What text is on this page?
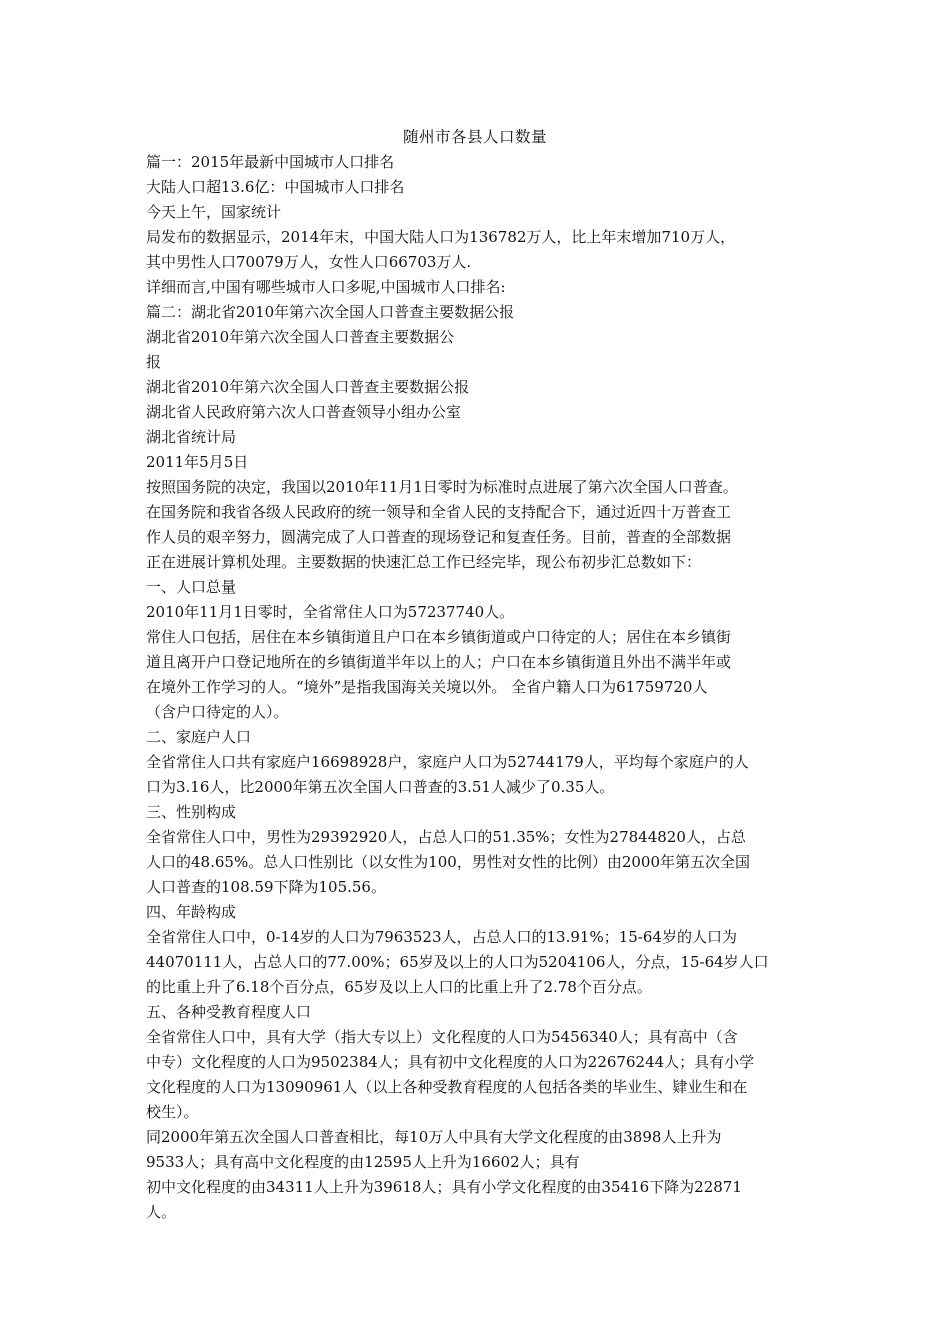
随州市各县人口数量
篇一：2015年最新中国城市人口排名
大陆人口超13.6亿：中国城市人口排名
今天上午，国家统计
局发布的数据显示，2014年末，中国大陆人口为136782万人，比上年末增加710万人，
其中男性人口70079万人，女性人口66703万人.
详细而言,中国有哪些城市人口多呢,中国城市人口排名:
篇二：湖北省2010年第六次全国人口普查主要数据公报
湖北省2010年第六次全国人口普查主要数据公
报
湖北省2010年第六次全国人口普查主要数据公报
湖北省人民政府第六次人口普查领导小组办公室
湖北省统计局
2011年5月5日
按照国务院的决定，我国以2010年11月1日零时为标准时点进展了第六次全国人口普查。
在国务院和我省各级人民政府的统一领导和全省人民的支持配合下，通过近四十万普查工
作人员的艰辛努力，圆满完成了人口普查的现场登记和复查任务。目前，普查的全部数据
正在进展计算机处理。主要数据的快速汇总工作已经完毕，现公布初步汇总数如下：
一、人口总量
2010年11月1日零时，全省常住人口为57237740人。
常住人口包括，居住在本乡镇街道且户口在本乡镇街道或户口待定的人；居住在本乡镇街
道且离开户口登记地所在的乡镇街道半年以上的人；户口在本乡镇街道且外出不满半年或
在境外工作学习的人。“境外”是指我国海关关境以外。 全省户籍人口为61759720人
（含户口待定的人）。
二、家庭户人口
全省常住人口共有家庭户16698928户，家庭户人口为52744179人，平均每个家庭户的人
口为3.16人，比2000年第五次全国人口普查的3.51人减少了0.35人。
三、性别构成
全省常住人口中，男性为29392920人，占总人口的51.35%；女性为27844820人，占总
人口的48.65%。总人口性别比（以女性为100，男性对女性的比例）由2000年第五次全国
人口普查的108.59下降为105.56。
四、年龄构成
全省常住人口中，0-14岁的人口为7963523人，占总人口的13.91%；15-64岁的人口为
44070111人，占总人口的77.00%；65岁及以上的人口为5204106人，分点，15-64岁人口
的比重上升了6.18个百分点，65岁及以上人口的比重上升了2.78个百分点。
五、各种受教育程度人口
全省常住人口中，具有大学（指大专以上）文化程度的人口为5456340人；具有高中（含
中专）文化程度的人口为9502384人；具有初中文化程度的人口为22676244人；具有小学
文化程度的人口为13090961人（以上各种受教育程度的人包括各类的毕业生、肄业生和在
校生）。
同2000年第五次全国人口普查相比，每10万人中具有大学文化程度的由3898人上升为
9533人；具有高中文化程度的由12595人上升为16602人；具有
初中文化程度的由34311人上升为39618人；具有小学文化程度的由35416下降为22871
人。
